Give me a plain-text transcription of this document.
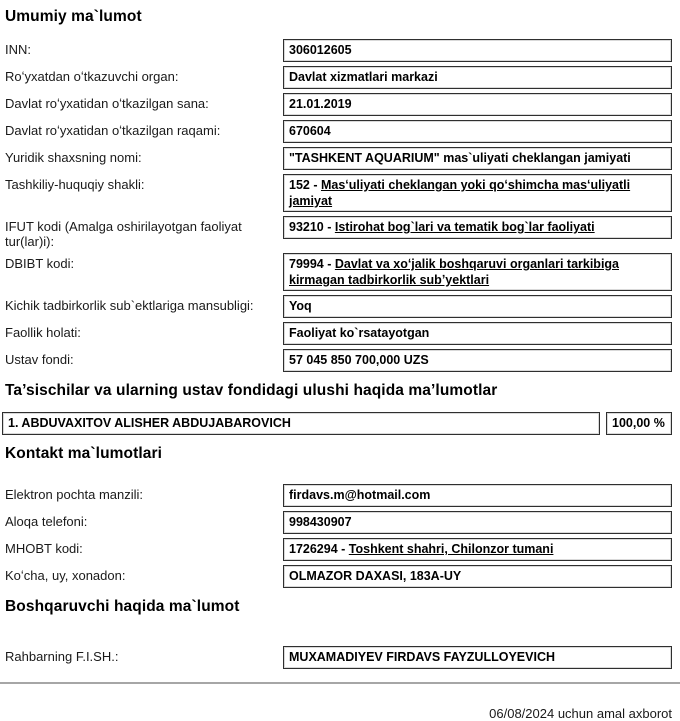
Umumiy ma`lumot
INN:	306012605
Roʻyxatdan oʻtkazuvchi organ:	Davlat xizmatlari markazi
Davlat roʻyxatidan oʻtkazilgan sana:	21.01.2019
Davlat roʻyxatidan oʻtkazilgan raqami:	670604
Yuridik shaxsning nomi:	"TASHKENT AQUARIUM" mas`uliyati cheklangan jamiyati
Tashkiliy-huquqiy shakli:	152 - Masʻuliyati cheklangan yoki qoʻshimcha masʻuliyatli jamiyat
IFUT kodi (Amalga oshirilayotgan faoliyat tur(lar)i):
93210 - Istirohat bog`lari va tematik bog`lar faoliyati
DBIBT kodi:	79994 - Davlat va xoʻjalik boshqaruvi organlari tarkibiga kirmagan tadbirkorlik subʼyektlari
Kichik tadbirkorlik sub`ektlariga mansubligi:	Yoq
Faollik holati:	Faoliyat ko`rsatayotgan
Ustav fondi:	57 045 850 700,000 UZS
Ta’sischilar va ularning ustav fondidagi ulushi haqida ma’lumotlar
1. ABDUVAXITOV ALISHER ABDUJABAROVICH	100,00 %
Kontakt ma`lumotlari
Elektron pochta manzili:	firdavs.m@hotmail.com
Aloqa telefoni:	998430907
MHOBT kodi:	1726294 - Toshkent shahri, Chilonzor tumani
Koʻcha, uy, xonadon:	OLMAZOR DAXASI, 183A-UY
Boshqaruvchi haqida ma`lumot
Rahbarning F.I.SH.:	MUXAMADIYEV FIRDAVS FAYZULLOYEVICH
06/08/2024 uchun amal axborot
